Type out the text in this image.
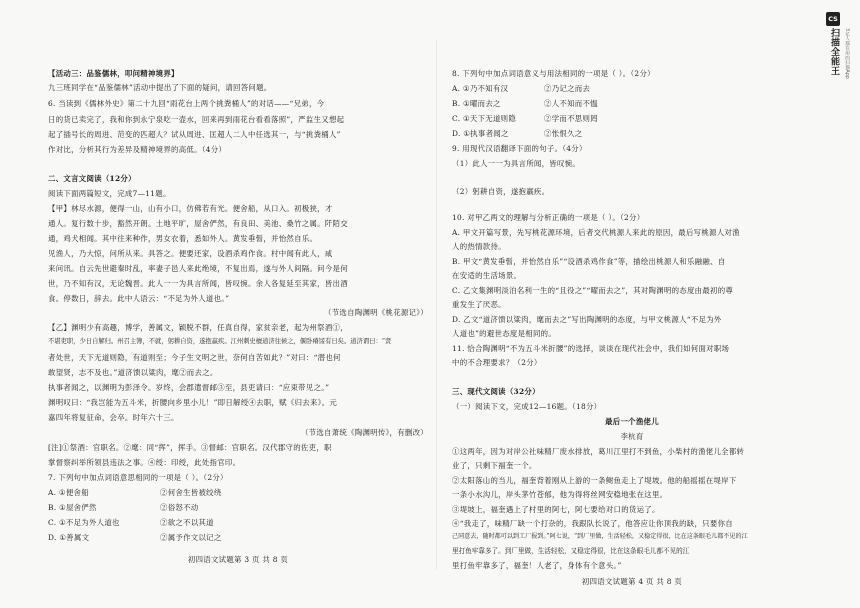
【活动三：品鉴儒林，叩问精神境界】
九三班同学在“品鉴儒林”活动中提出了下面的疑问，请回答问题。
6. 当读到《儒林外史》第二十九回“雨花台上两个挑粪桶人”的对话——“兄弟，今
日的货已卖完了，我和你到永宁泉吃一壶水，回来再到雨花台看看落照”，严监生又想起
起了插号长的周进、范变的匹超人？试从周进、匡超人二人中任选其一，与“挑粪桶人”
作对比，分析其行为差异及精神境界的高低。（4分）
二、文言文阅读（12分）
阅读下面两篇短文，完成7—11题。
【甲】林尽水源，便得一山，山有小口，仿佛若有光。便舍船，从口入。初极狭，才
通人。复行数十步，豁然开朗。土地平旷，屋舍俨然，有良田、美池、桑竹之属。阡陌交
通，鸡犬相闻。其中往来种作，男女衣着，悉如外人。黄发垂髫，并怡然自乐。
见渔人，乃大惊，问所从来。具答之。便要还家，设酒杀鸡作食。村中闻有此人，咸
来问讯。自云先世避秦时乱，率妻子邑人来此绝境，不复出焉，遂与外人间隔。问今是何
世，乃不知有汉，无论魏晋。此人一一为具言所闻，皆叹惋。余人各复延至其家，皆出酒
食。停数日，辞去。此中人语云：“不足为外人道也。”
（节选自陶渊明《桃花源记》）
【乙】渊明少有高趣，博学，善属文，颖脱不群，任真自得，家贫亲老，起为州祭酒①，
不堪吏职，少日自解归。州召主簿，不就，躬耕自资，遂抱羸疾。江州刺史檀道济往候之，偃卧瘠馁有日矣。道济谓曰：“贤
者处世，天下无道则隐，有道则至；今子生文明之世，奈何自苦如此？”对曰：“潜也何
敢望贤，志不及也。”道济馈以粱肉，麾②而去之。
执事者闻之，以渊明为彭泽令。岁终，会郡遣督邮③至，县吏请曰：“应束带见之。”
渊明叹曰：“我岂能为五斗米，折腰向乡里小儿！”即日解绶④去职，赋《归去来》。元
嘉四年将复征命，会卒。时年六十三。
（节选自萧统《陶渊明传》，有删改）
[注]①祭酒：官职名。②麾：同“挥”，挥手。③督邮：官职名。汉代郡守的佐吏，职
掌督察纠举所领县违法之事。④绶：印绶，此处指官印。
7. 下列句中加点词语意思相同的一项是（ ）。（2分）
A. ①便舍船	②何舍生皆被绞绕
B. ①屋舍俨然	②俗怒不动
C. ①不足为外人道也	②欲之不以其道
D. ①善属文	②属予作文以记之
初四语文试题第 3 页 共 8 页
8. 下列句中加点词语意义与用法相同的一项是（ ）。（2分）
A. ①乃不知有汉	②乃记之而去
B. ①曜而去之	②人不知而不愠
C. ①天下无道则隐	②学而不思则罔
D. ①执事者闻之	②怅恨久之
9. 用现代汉语翻译下面的句子。（4分）
（1）此人一一为具言所闻，皆叹惋。
（2）躬耕自资，遂抱羸疾。
10. 对甲乙两文的理解与分析正确的一项是（ ）。（2分）
A. 甲文开篇写景，先写桃花源环境，后者交代桃源人来此的原因，最后写桃源人对渔
人的热情款待。
B. 甲文“黄发垂髫，并怡然自乐”“设酒杀鸡作食”等，描绘出桃源人和乐融融、自
在安适的生活场景。
C. 乙文集渊明淡泊名利一生的“且役之”“曜而去之”，其对陶渊明的态度由最初的尊
重发生了厌恶。
D. 乙文“道济馈以粱肉，麾而去之”写出陶渊明的态度，与甲文桃源人“不足为外
人道也”的避世态度是相同的。
11. 恰合陶渊明“不为五斗米折腰”的选择，谈谈在现代社会中，我们如何面对职场
中的不合理要求？（2分）
三、现代文阅读（32分）
（一）阅读下文，完成12—16题。（18分）
最后一个渔佬儿
李杭育
①这两年，因为对岸公社味精厂废水排放，葛川江里打不到鱼，小柴村的渔佬儿全都转
业了，只剩下福奎一个。
②太阳落山的当儿，福奎背着刚从上游的一条鲥鱼走上了堤坡。他的船摇摇在堤岸下
一条小水沟儿，岸头茅竹苍郁，他为得将丝网安稳地张在这里。
③堤坡上，福奎遇上了村里的阿七，阿七要给对口的货运了。
④“我走了，味精厂缺一个打杂的，我跟队长说了，他答应让你顶我的缺，只要你自
己同意去，随时都可以到工厂报到。”阿七说，“到厂里做，生活轻松，又稳定得很，比在这条眼毛儿都不见的江
里打鱼牢靠多了。到厂里做，生活轻松，又稳定得很，比在这条眼毛儿都不见的江
里打鱼牢靠多了，福奎！人老了，身体有个意头。”
初四语文试题第 4 页 共 8 页
CS
扫描全能王	3亿人都在用的扫描App
